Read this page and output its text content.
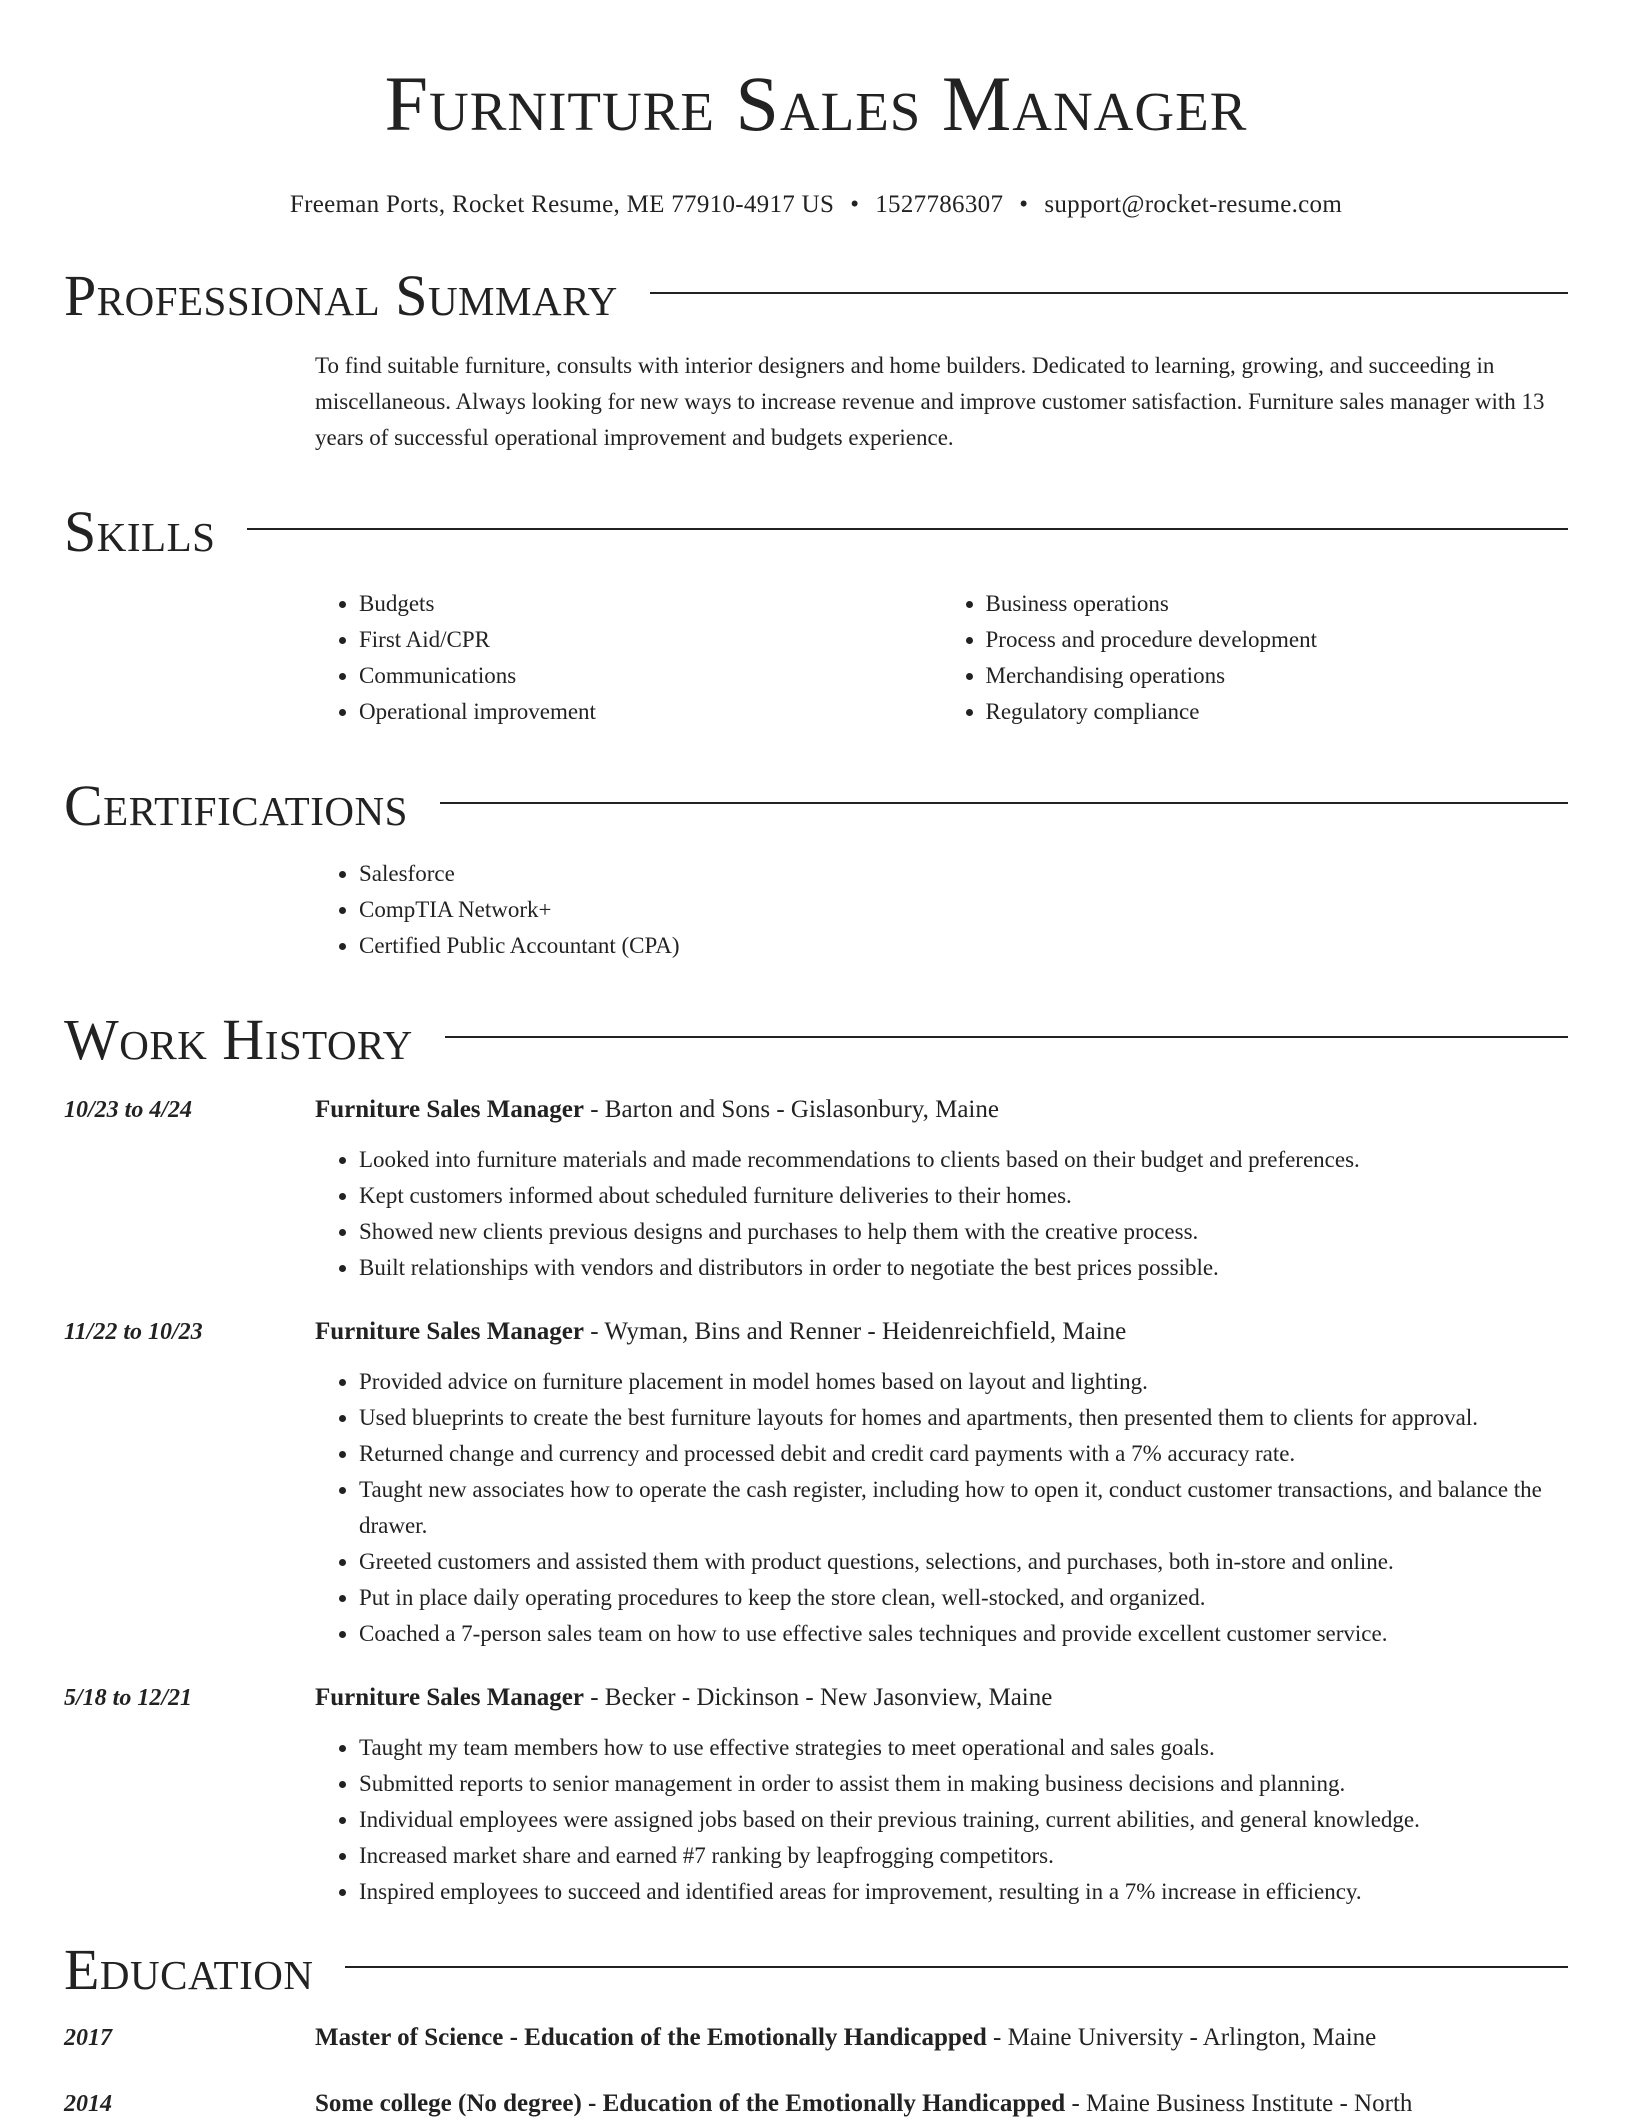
Furniture Sales Manager
Freeman Ports, Rocket Resume, ME 77910-4917 US • 1527786307 • support@rocket-resume.com
Professional Summary
To find suitable furniture, consults with interior designers and home builders. Dedicated to learning, growing, and succeeding in miscellaneous. Always looking for new ways to increase revenue and improve customer satisfaction. Furniture sales manager with 13 years of successful operational improvement and budgets experience.
Skills
• Budgets
• First Aid/CPR
• Communications
• Operational improvement
• Business operations
• Process and procedure development
• Merchandising operations
• Regulatory compliance
Certifications
• Salesforce
• CompTIA Network+
• Certified Public Accountant (CPA)
Work History
10/23 to 4/24	Furniture Sales Manager - Barton and Sons - Gislasonbury, Maine
• Looked into furniture materials and made recommendations to clients based on their budget and preferences.
• Kept customers informed about scheduled furniture deliveries to their homes.
• Showed new clients previous designs and purchases to help them with the creative process.
• Built relationships with vendors and distributors in order to negotiate the best prices possible.
11/22 to 10/23	Furniture Sales Manager - Wyman, Bins and Renner - Heidenreichfield, Maine
• Provided advice on furniture placement in model homes based on layout and lighting.
• Used blueprints to create the best furniture layouts for homes and apartments, then presented them to clients for approval.
• Returned change and currency and processed debit and credit card payments with a 7% accuracy rate.
• Taught new associates how to operate the cash register, including how to open it, conduct customer transactions, and balance the drawer.
• Greeted customers and assisted them with product questions, selections, and purchases, both in-store and online.
• Put in place daily operating procedures to keep the store clean, well-stocked, and organized.
• Coached a 7-person sales team on how to use effective sales techniques and provide excellent customer service.
5/18 to 12/21	Furniture Sales Manager - Becker - Dickinson - New Jasonview, Maine
• Taught my team members how to use effective strategies to meet operational and sales goals.
• Submitted reports to senior management in order to assist them in making business decisions and planning.
• Individual employees were assigned jobs based on their previous training, current abilities, and general knowledge.
• Increased market share and earned #7 ranking by leapfrogging competitors.
• Inspired employees to succeed and identified areas for improvement, resulting in a 7% increase in efficiency.
Education
2017	Master of Science - Education of the Emotionally Handicapped - Maine University - Arlington, Maine
2014	Some college (No degree) - Education of the Emotionally Handicapped - Maine Business Institute - North
